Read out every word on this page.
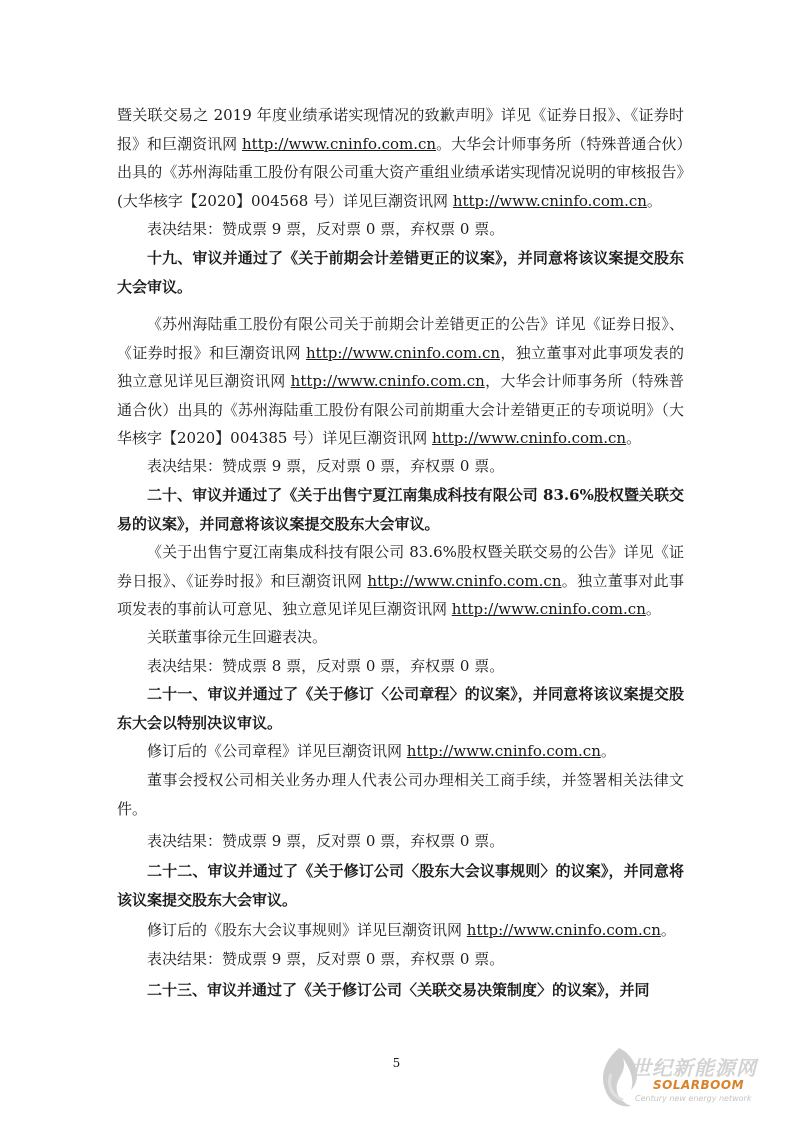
暨关联交易之 2019 年度业绩承诺实现情况的致歉声明》详见《证券日报》、《证券时报》和巨潮资讯网 http://www.cninfo.com.cn。大华会计师事务所（特殊普通合伙）出具的《苏州海陆重工股份有限公司重大资产重组业绩承诺实现情况说明的审核报告》(大华核字【2020】004568 号）详见巨潮资讯网 http://www.cninfo.com.cn。

表决结果：赞成票 9 票，反对票 0 票，弃权票 0 票。

十九、审议并通过了《关于前期会计差错更正的议案》，并同意将该议案提交股东大会审议。

《苏州海陆重工股份有限公司关于前期会计差错更正的公告》详见《证券日报》、《证券时报》和巨潮资讯网 http://www.cninfo.com.cn，独立董事对此事项发表的独立意见详见巨潮资讯网 http://www.cninfo.com.cn，大华会计师事务所（特殊普通合伙）出具的《苏州海陆重工股份有限公司前期重大会计差错更正的专项说明》（大华核字【2020】004385 号）详见巨潮资讯网 http://www.cninfo.com.cn。

表决结果：赞成票 9 票，反对票 0 票，弃权票 0 票。

二十、审议并通过了《关于出售宁夏江南集成科技有限公司 83.6%股权暨关联交易的议案》，并同意将该议案提交股东大会审议。

《关于出售宁夏江南集成科技有限公司 83.6%股权暨关联交易的公告》详见《证券日报》、《证券时报》和巨潮资讯网 http://www.cninfo.com.cn。独立董事对此事项发表的事前认可意见、独立意见详见巨潮资讯网 http://www.cninfo.com.cn。

关联董事徐元生回避表决。

表决结果：赞成票 8 票，反对票 0 票，弃权票 0 票。

二十一、审议并通过了《关于修订〈公司章程〉的议案》，并同意将该议案提交股东大会以特别决议审议。

修订后的《公司章程》详见巨潮资讯网 http://www.cninfo.com.cn。

董事会授权公司相关业务办理人代表公司办理相关工商手续，并签署相关法律文件。

表决结果：赞成票 9 票，反对票 0 票，弃权票 0 票。

二十二、审议并通过了《关于修订公司〈股东大会议事规则〉的议案》，并同意将该议案提交股东大会审议。

修订后的《股东大会议事规则》详见巨潮资讯网 http://www.cninfo.com.cn。

表决结果：赞成票 9 票，反对票 0 票，弃权票 0 票。

二十三、审议并通过了《关于修订公司〈关联交易决策制度〉的议案》，并同

5	世纪新能源网
SOLARBOOM
Century new energy network
